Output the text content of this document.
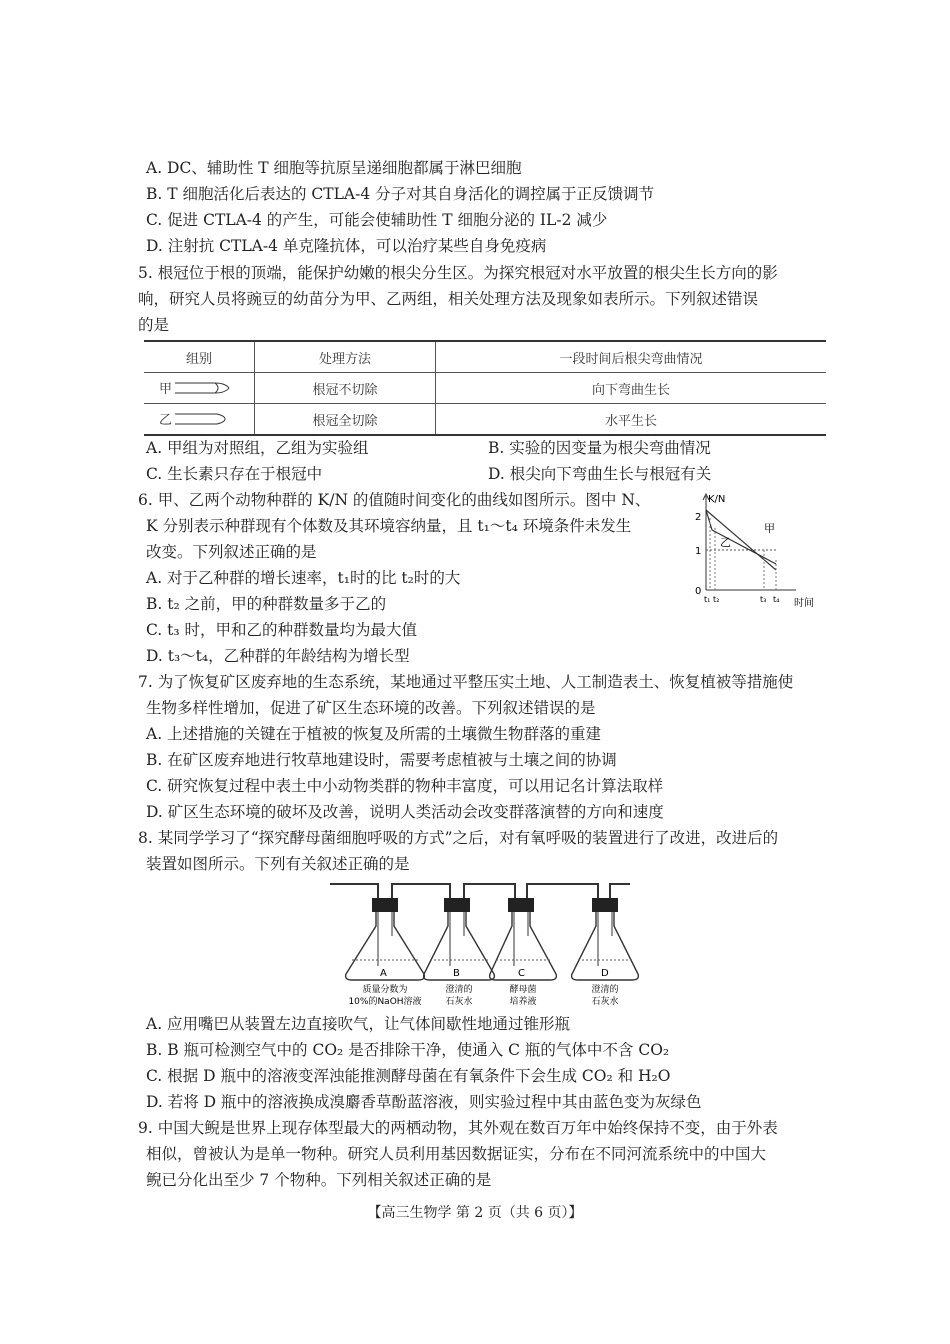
A. DC、辅助性 T 细胞等抗原呈递细胞都属于淋巴细胞
B. T 细胞活化后表达的 CTLA-4 分子对其自身活化的调控属于正反馈调节
C. 促进 CTLA-4 的产生，可能会使辅助性 T 细胞分泌的 IL-2 减少
D. 注射抗 CTLA-4 单克隆抗体，可以治疗某些自身免疫病
5. 根冠位于根的顶端，能保护幼嫩的根尖分生区。为探究根冠对水平放置的根尖生长方向的影
响，研究人员将豌豆的幼苗分为甲、乙两组，相关处理方法及现象如表所示。下列叙述错误
的是
组别	处理方法	一段时间后根尖弯曲情况

甲	根冠不切除	向下弯曲生长

乙	根冠全切除	水平生长
A. 甲组为对照组，乙组为实验组	B. 实验的因变量为根尖弯曲情况
C. 生长素只存在于根冠中	D. 根尖向下弯曲生长与根冠有关
6. 甲、乙两个动物种群的 K/N 的值随时间变化的曲线如图所示。图中 N、
K 分别表示种群现有个体数及其环境容纳量，且 t₁～t₄ 环境条件未发生
改变。下列叙述正确的是
A. 对于乙种群的增长速率，t₁时的比 t₂时的大
B. t₂ 之前，甲的种群数量多于乙的
C. t₃ 时，甲和乙的种群数量均为最大值
D. t₃～t₄，乙种群的年龄结构为增长型
K/N
时间
2
1
0
t₁ t₂	t₃ t₄
甲
乙
7. 为了恢复矿区废弃地的生态系统，某地通过平整压实土地、人工制造表土、恢复植被等措施使
生物多样性增加，促进了矿区生态环境的改善。下列叙述错误的是
A. 上述措施的关键在于植被的恢复及所需的土壤微生物群落的重建
B. 在矿区废弃地进行牧草地建设时，需要考虑植被与土壤之间的协调
C. 研究恢复过程中表土中小动物类群的物种丰富度，可以用记名计算法取样
D. 矿区生态环境的破坏及改善，说明人类活动会改变群落演替的方向和速度
8. 某同学学习了“探究酵母菌细胞呼吸的方式”之后，对有氧呼吸的装置进行了改进，改进后的
装置如图所示。下列有关叙述正确的是
A	B	C	D
质量分数为
10%的NaOH溶液
澄清的
石灰水
酵母菌
培养液
澄清的
石灰水
A. 应用嘴巴从装置左边直接吹气，让气体间歇性地通过锥形瓶
B. B 瓶可检测空气中的 CO₂ 是否排除干净，使通入 C 瓶的气体中不含 CO₂
C. 根据 D 瓶中的溶液变浑浊能推测酵母菌在有氧条件下会生成 CO₂ 和 H₂O
D. 若将 D 瓶中的溶液换成溴麝香草酚蓝溶液，则实验过程中其由蓝色变为灰绿色
9. 中国大鲵是世界上现存体型最大的两栖动物，其外观在数百万年中始终保持不变，由于外表
相似，曾被认为是单一物种。研究人员利用基因数据证实，分布在不同河流系统中的中国大
鲵已分化出至少 7 个物种。下列相关叙述正确的是
【高三生物学 第 2 页（共 6 页）】
